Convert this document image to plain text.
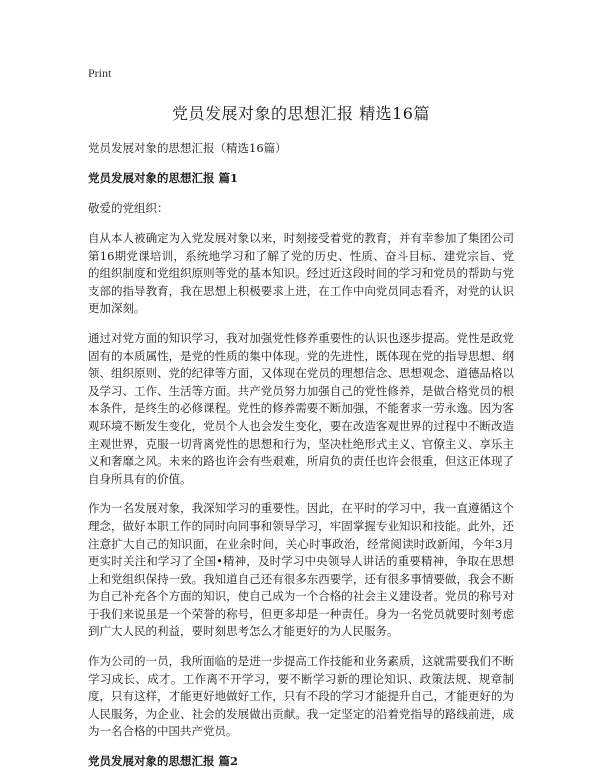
Print
党员发展对象的思想汇报 精选16篇
党员发展对象的思想汇报（精选16篇）
党员发展对象的思想汇报 篇1
敬爱的党组织：

自从本人被确定为入党发展对象以来，时刻接受着党的教育，并有幸参加了集团公司第16期党课培训，系统地学习和了解了党的历史、性质、奋斗目标、建党宗旨、党的组织制度和党组织原则等党的基本知识。经过近这段时间的学习和党员的帮助与党支部的指导教育，我在思想上积极要求上进，在工作中向党员同志看齐，对党的认识更加深刻。

通过对党方面的知识学习，我对加强党性修养重要性的认识也逐步提高。党性是政党固有的本质属性，是党的性质的集中体现。党的先进性，既体现在党的指导思想、纲领、组织原则、党的纪律等方面，又体现在党员的理想信念、思想观念、道德品格以及学习、工作、生活等方面。共产党员努力加强自己的党性修养，是做合格党员的根本条件，是终生的必修课程。党性的修养需要不断加强，不能奢求一劳永逸。因为客观环境不断发生变化，党员个人也会发生变化，要在改造客观世界的过程中不断改造主观世界，克服一切背离党性的思想和行为，坚决杜绝形式主义、官僚主义、享乐主义和奢靡之风。未来的路也许会有些艰难，所肩负的责任也许会很重，但这正体现了自身所具有的价值。

作为一名发展对象，我深知学习的重要性。因此，在平时的学习中，我一直遵循这个理念，做好本职工作的同时向同事和领导学习，牢固掌握专业知识和技能。此外，还注意扩大自己的知识面，在业余时间，关心时事政治，经常阅读时政新闻，今年3月更实时关注和学习了全国•精神，及时学习中央领导人讲话的重要精神，争取在思想上和党组织保持一致。我知道自己还有很多东西要学，还有很多事情要做，我会不断为自己补充各个方面的知识，使自己成为一个合格的社会主义建设者。党员的称号对于我们来说虽是一个荣誉的称号，但更多却是一种责任。身为一名党员就要时刻考虑到广大人民的利益，要时刻思考怎么才能更好的为人民服务。

作为公司的一员，我所面临的是进一步提高工作技能和业务素质，这就需要我们不断学习成长、成才。工作离不开学习，要不断学习新的理论知识、政策法规、规章制度，只有这样，才能更好地做好工作，只有不段的学习才能提升自己，才能更好的为人民服务，为企业、社会的发展做出贡献。我一定坚定的沿着党指导的路线前进，成为一名合格的中国共产党员。

党员发展对象的思想汇报 篇2
